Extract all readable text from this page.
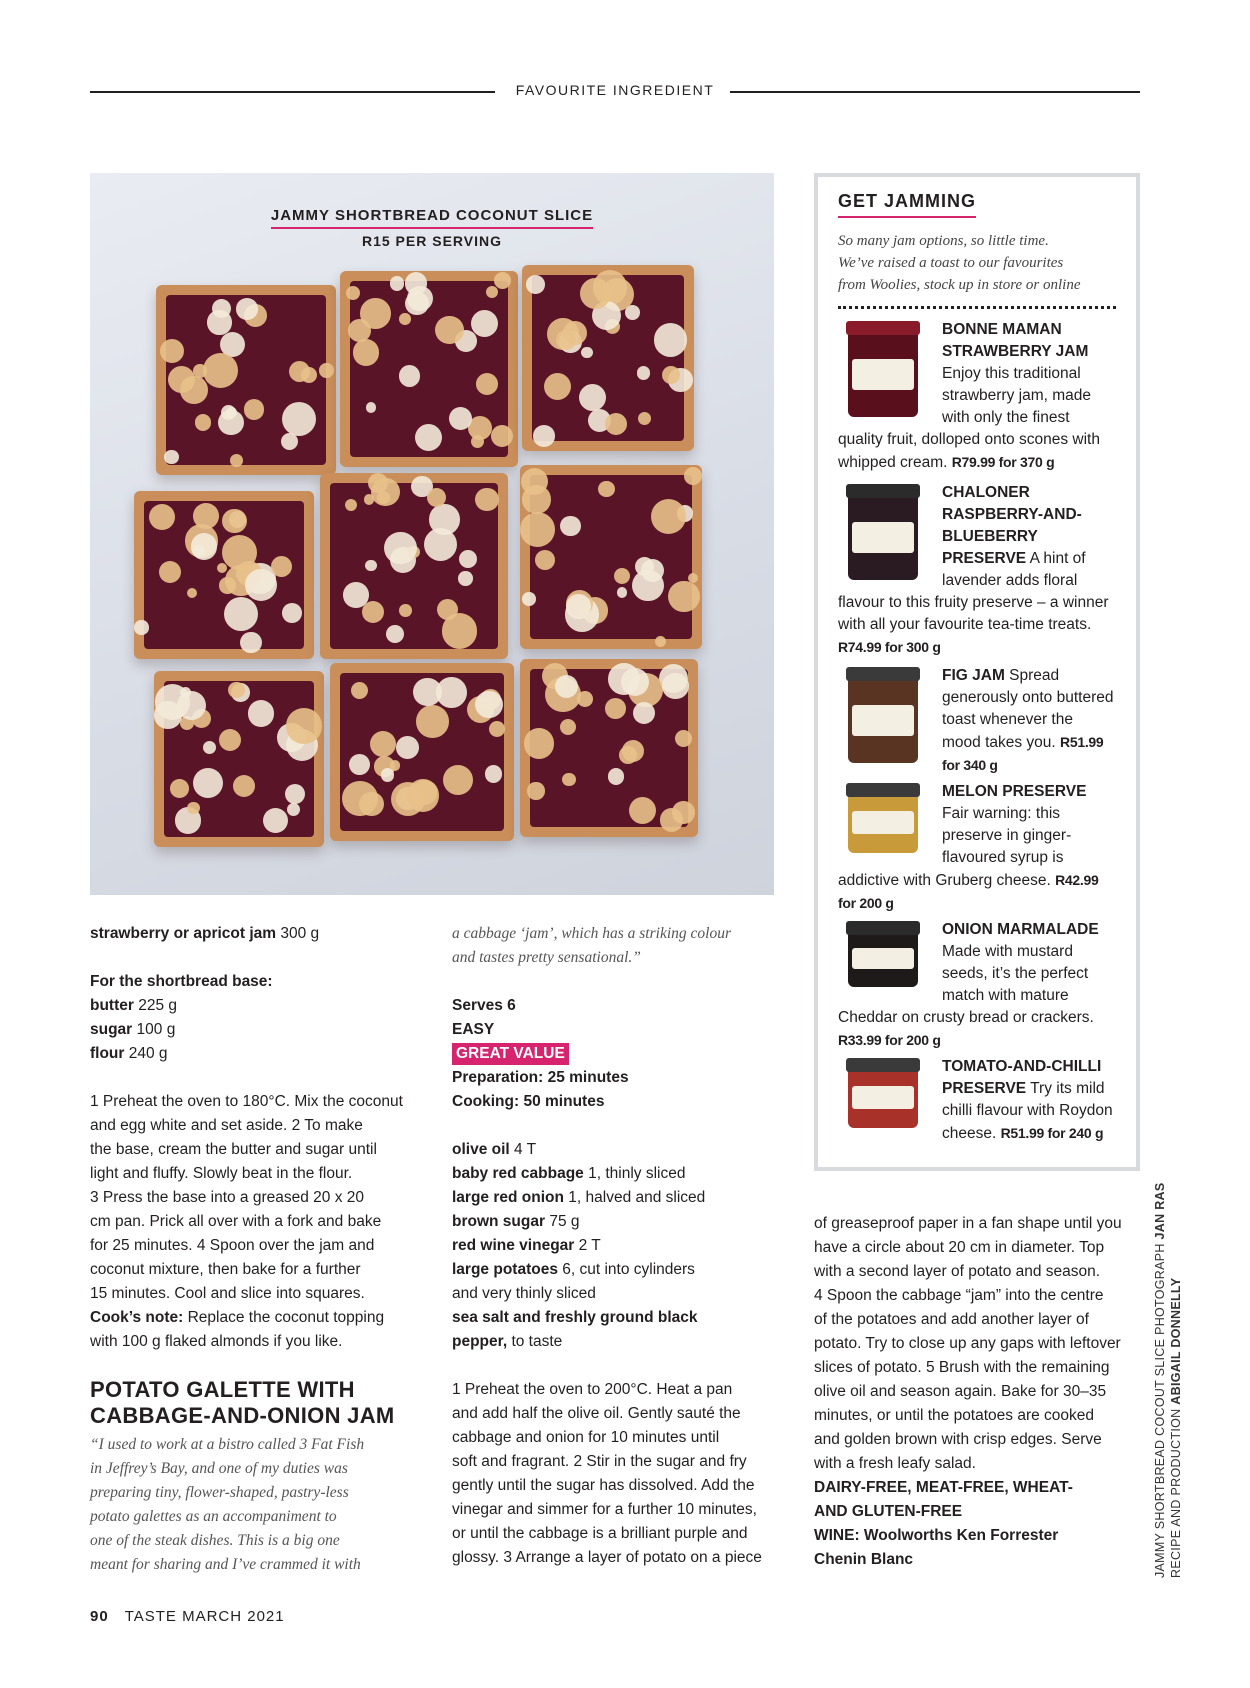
FAVOURITE INGREDIENT
JAMMY SHORTBREAD COCONUT SLICE
R15 PER SERVING

strawberry or apricot jam 300 g

For the shortbread base:

butter 225 g

sugar 100 g

flour 240 g

1 Preheat the oven to 180°C. Mix the coconut

and egg white and set aside. 2 To make

the base, cream the butter and sugar until

light and fluffy. Slowly beat in the flour.

3 Press the base into a greased 20 x 20

cm pan. Prick all over with a fork and bake

for 25 minutes. 4 Spoon over the jam and

coconut mixture, then bake for a further

15 minutes. Cool and slice into squares.

Cook’s note: Replace the coconut topping

with 100 g flaked almonds if you like.

POTATO GALETTE WITH
CABBAGE-AND-ONION JAM

“I used to work at a bistro called 3 Fat Fish

in Jeffrey’s Bay, and one of my duties was

preparing tiny, flower-shaped, pastry-less

potato galettes as an accompaniment to

one of the steak dishes. This is a big one

meant for sharing and I’ve crammed it with

a cabbage ‘jam’, which has a striking colour

and tastes pretty sensational.”

Serves 6

EASY

GREAT VALUE

Preparation: 25 minutes

Cooking: 50 minutes

olive oil 4 T

baby red cabbage 1, thinly sliced

large red onion 1, halved and sliced

brown sugar 75 g

red wine vinegar 2 T

large potatoes 6, cut into cylinders

and very thinly sliced

sea salt and freshly ground black

pepper, to taste

1 Preheat the oven to 200°C. Heat a pan

and add half the olive oil. Gently sauté the

cabbage and onion for 10 minutes until

soft and fragrant. 2 Stir in the sugar and fry

gently until the sugar has dissolved. Add the

vinegar and simmer for a further 10 minutes,

or until the cabbage is a brilliant purple and

glossy. 3 Arrange a layer of potato on a piece

of greaseproof paper in a fan shape until you

have a circle about 20 cm in diameter. Top

with a second layer of potato and season.

4 Spoon the cabbage “jam” into the centre

of the potatoes and add another layer of

potato. Try to close up any gaps with leftover

slices of potato. 5 Brush with the remaining

olive oil and season again. Bake for 30–35

minutes, or until the potatoes are cooked

and golden brown with crisp edges. Serve

with a fresh leafy salad.

DAIRY-FREE, MEAT-FREE, WHEAT-

AND GLUTEN-FREE

WINE: Woolworths Ken Forrester

Chenin Blanc

GET JAMMING

So many jam options, so little time.

We’ve raised a toast to our favourites

from Woolies, stock up in store or online

BONNE MAMAN STRAWBERRY JAM Enjoy this traditional strawberry jam, made with only the finest quality fruit, dolloped onto scones with whipped cream. R79.99 for 370 g
CHALONER RASPBERRY-AND-BLUEBERRY PRESERVE A hint of lavender adds floral flavour to this fruity preserve – a winner with all your favourite tea-time treats. R74.99 for 300 g
FIG JAM Spread generously onto buttered toast whenever the mood takes you. R51.99 for 340 g
MELON PRESERVE Fair warning: this preserve in ginger-flavoured syrup is addictive with Gruberg cheese. R42.99 for 200 g
ONION MARMALADE Made with mustard seeds, it’s the perfect match with mature Cheddar on crusty bread or crackers. R33.99 for 200 g
TOMATO-AND-CHILLI PRESERVE Try its mild chilli flavour with Roydon cheese. R51.99 for 240 g
JAMMY SHORTBREAD COCOUT SLICE PHOTOGRAPH JAN RAS
RECIPE AND PRODUCTION ABIGAIL DONNELLY
90 TASTE MARCH 2021
